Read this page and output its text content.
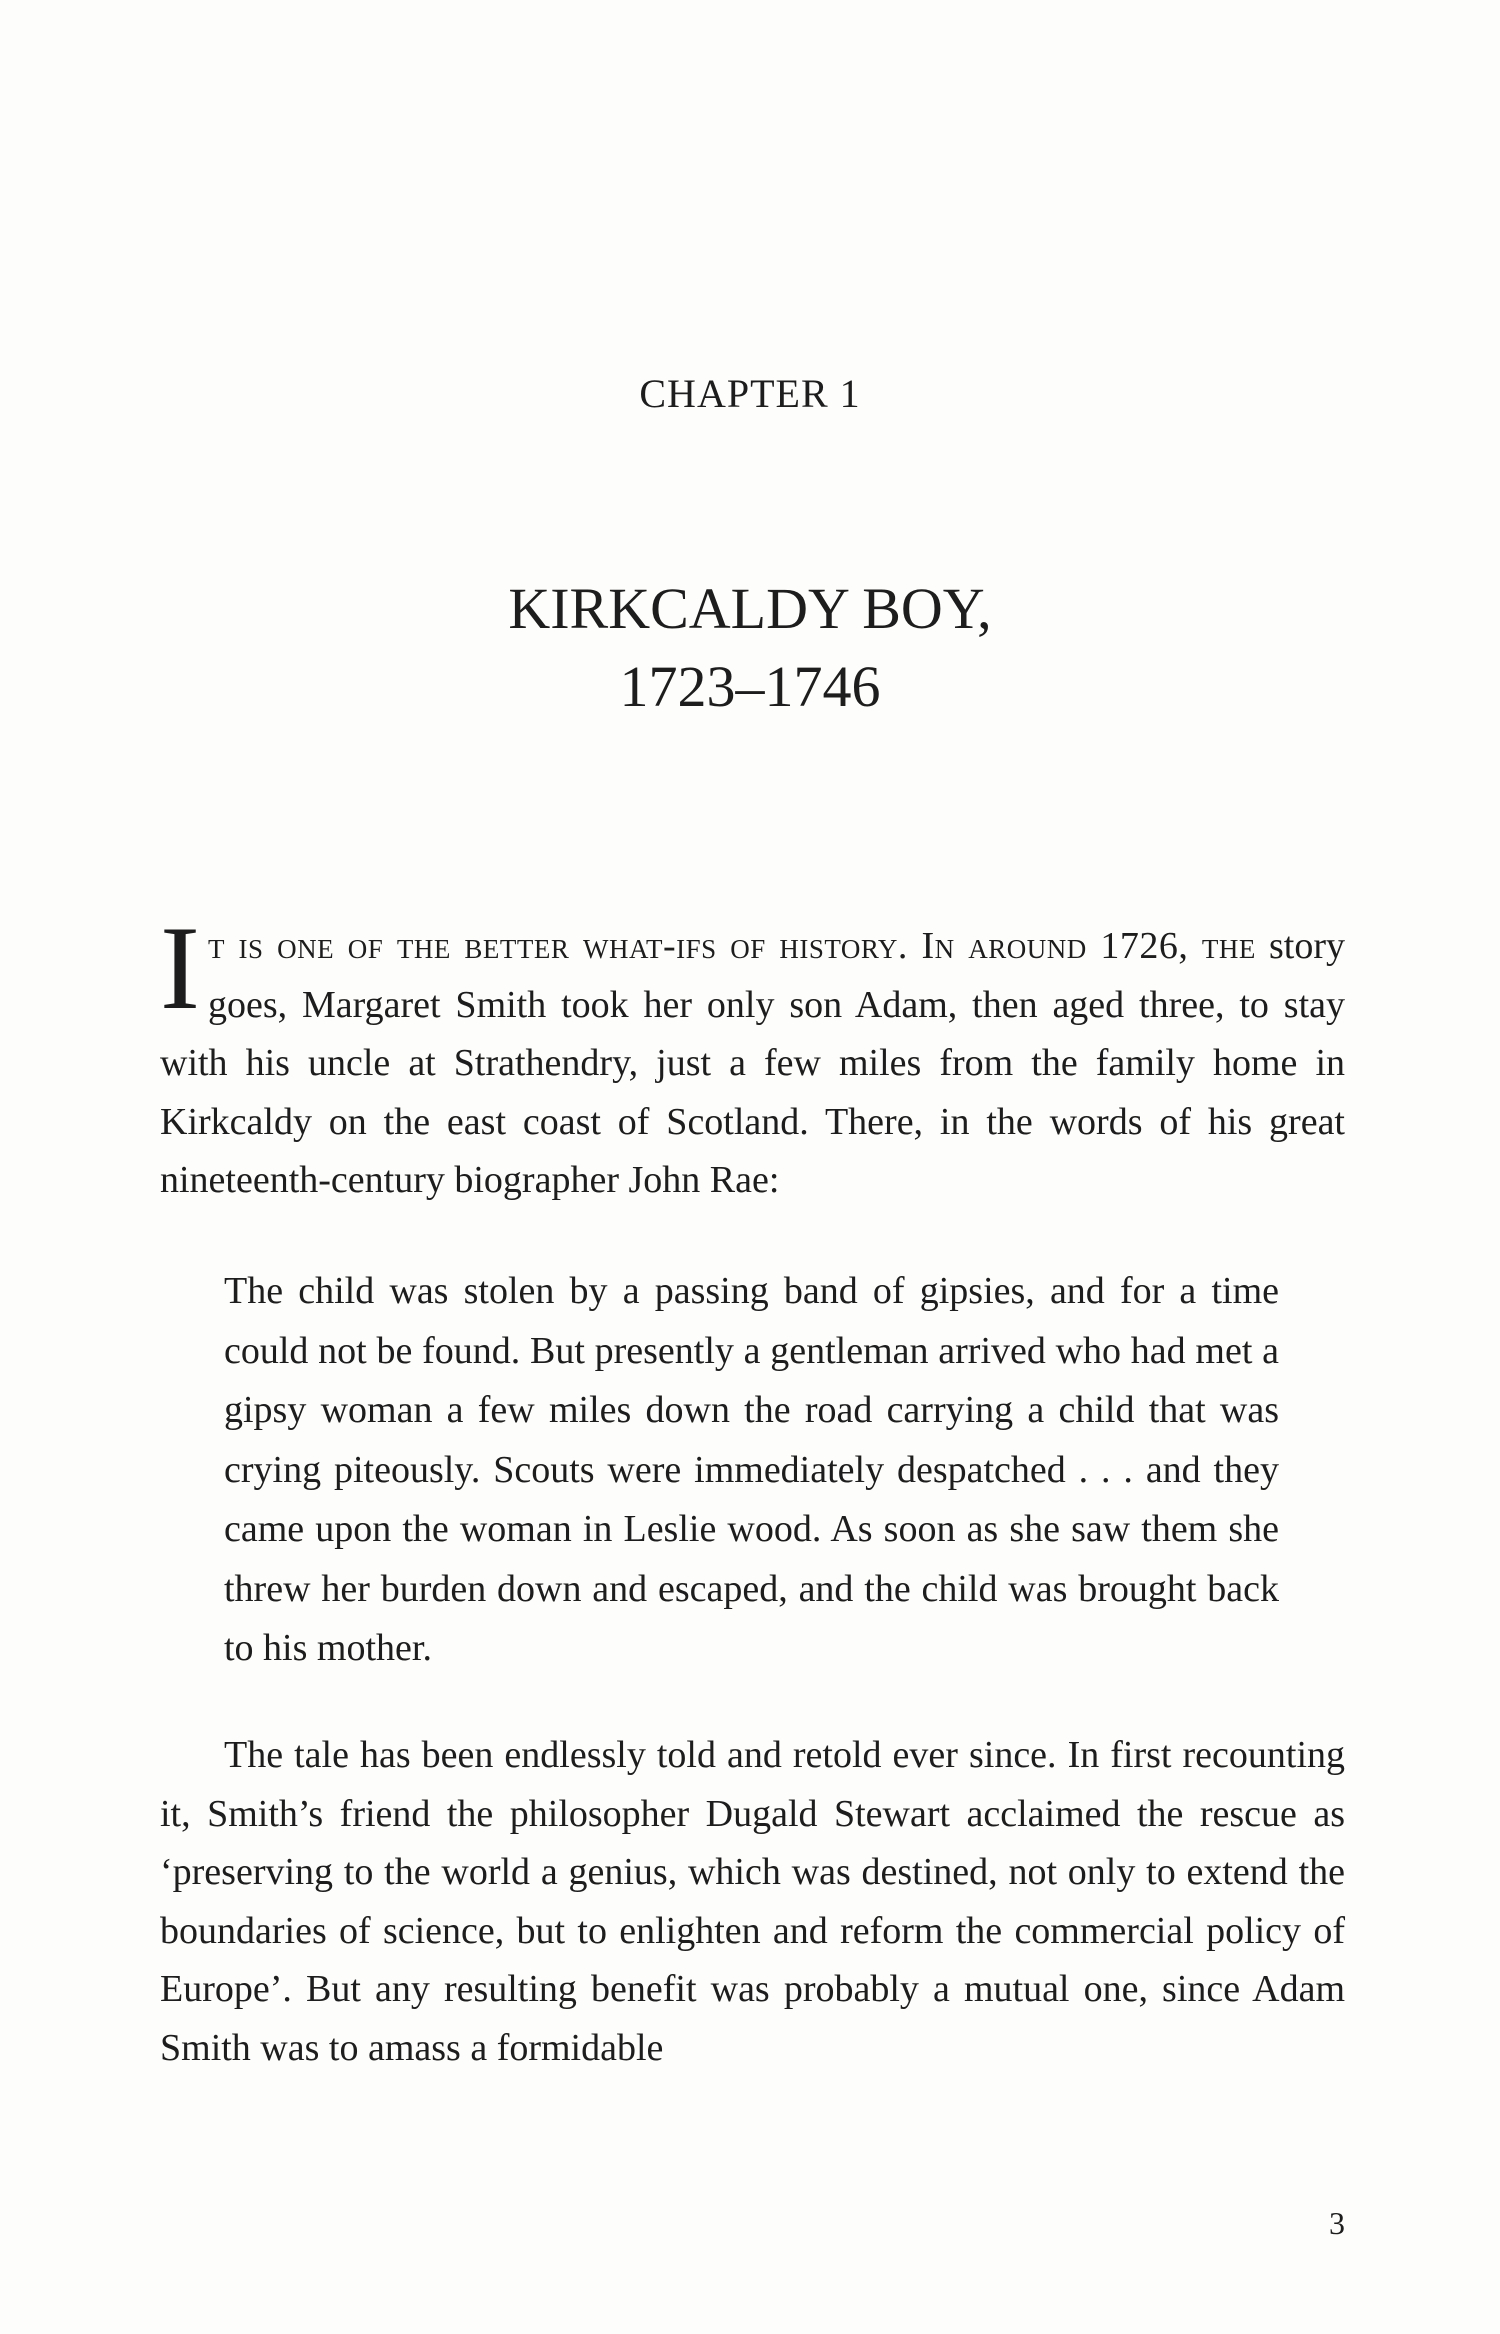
CHAPTER 1

KIRKCALDY BOY,
1723–1746

It is one of the better what-ifs of history. In around 1726, the story goes, Margaret Smith took her only son Adam, then aged three, to stay with his uncle at Strathendry, just a few miles from the family home in Kirkcaldy on the east coast of Scotland. There, in the words of his great nineteenth-century biographer John Rae:

The child was stolen by a passing band of gipsies, and for a time could not be found. But presently a gentleman arrived who had met a gipsy woman a few miles down the road carrying a child that was crying piteously. Scouts were immediately despatched . . . and they came upon the woman in Leslie wood. As soon as she saw them she threw her burden down and escaped, and the child was brought back to his mother.

The tale has been endlessly told and retold ever since. In first recounting it, Smith’s friend the philosopher Dugald Stewart acclaimed the rescue as ‘preserving to the world a genius, which was destined, not only to extend the boundaries of science, but to enlighten and reform the commercial policy of Europe’. But any resulting benefit was probably a mutual one, since Adam Smith was to amass a formidable

3
